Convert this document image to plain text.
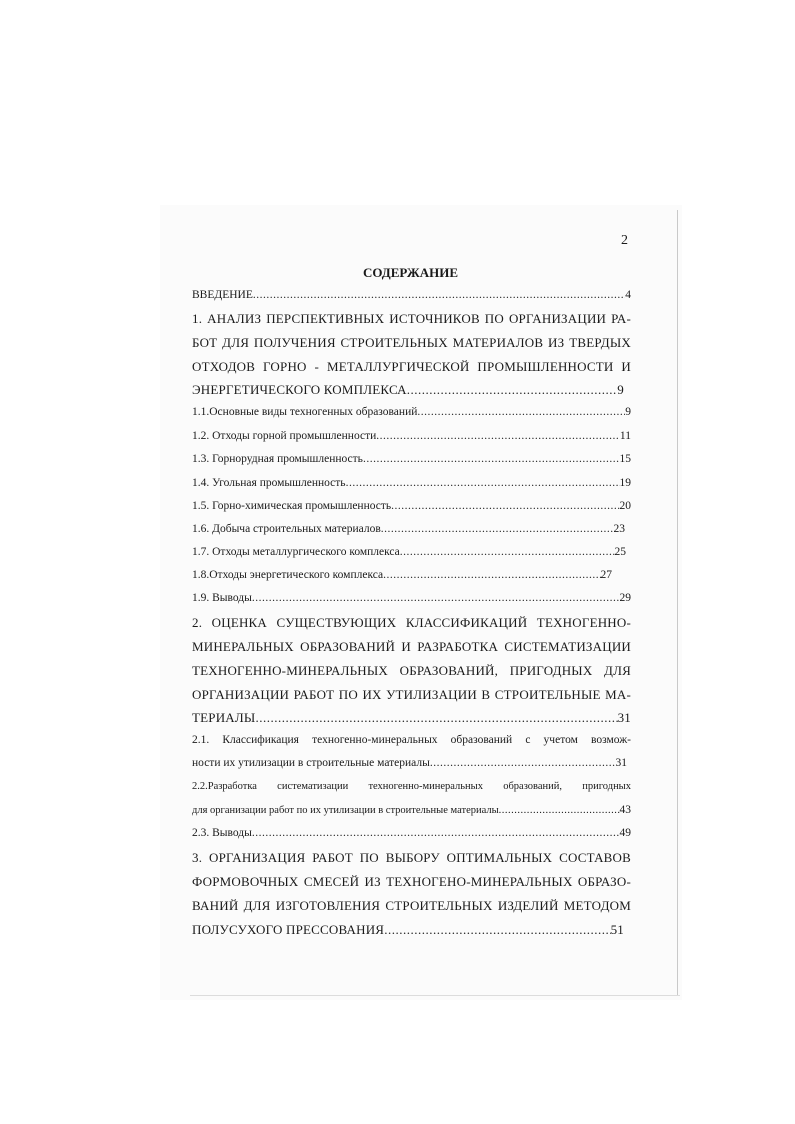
2
СОДЕРЖАНИЕ
ВВЕДЕНИЕ .....	4
1. АНАЛИЗ ПЕРСПЕКТИВНЫХ ИСТОЧНИКОВ ПО ОРГАНИЗАЦИИ РА-
БОТ ДЛЯ ПОЛУЧЕНИЯ СТРОИТЕЛЬНЫХ МАТЕРИАЛОВ ИЗ ТВЕРДЫХ
ОТХОДОВ ГОРНО - МЕТАЛЛУРГИЧЕСКОЙ ПРОМЫШЛЕННОСТИ И
ЭНЕРГЕТИЧЕСКОГО КОМПЛЕКСА .....	9
1.1.Основные виды техногенных образований .....	9
1.2. Отходы горной промышленности .....	11
1.3. Горнорудная промышленность .....	15
1.4. Угольная промышленность .....	19
1.5. Горно-химическая промышленность .....	20
1.6. Добыча строительных материалов .....	23
1.7. Отходы металлургического комплекса .....	25
1.8.Отходы энергетического комплекса .....	27
1.9. Выводы .....	29
2. ОЦЕНКА СУЩЕСТВУЮЩИХ КЛАССИФИКАЦИЙ ТЕХНОГЕННО-
МИНЕРАЛЬНЫХ ОБРАЗОВАНИЙ И РАЗРАБОТКА СИСТЕМАТИЗАЦИИ
ТЕХНОГЕННО-МИНЕРАЛЬНЫХ ОБРАЗОВАНИЙ, ПРИГОДНЫХ ДЛЯ
ОРГАНИЗАЦИИ РАБОТ ПО ИХ УТИЛИЗАЦИИ В СТРОИТЕЛЬНЫЕ МА-
ТЕРИАЛЫ .....	31
2.1. Классификация техногенно-минеральных образований с учетом возмож-
ности их утилизации в строительные материалы .....	31
2.2.Разработка систематизации техногенно-минеральных образований, пригодных
для организации работ по их утилизации в строительные материалы .....	43
2.3. Выводы .....	49
3. ОРГАНИЗАЦИЯ РАБОТ ПО ВЫБОРУ ОПТИМАЛЬНЫХ СОСТАВОВ
ФОРМОВОЧНЫХ СМЕСЕЙ ИЗ ТЕХНОГЕНО-МИНЕРАЛЬНЫХ ОБРАЗО-
ВАНИЙ ДЛЯ ИЗГОТОВЛЕНИЯ СТРОИТЕЛЬНЫХ ИЗДЕЛИЙ МЕТОДОМ
ПОЛУСУХОГО ПРЕССОВАНИЯ .....	51
